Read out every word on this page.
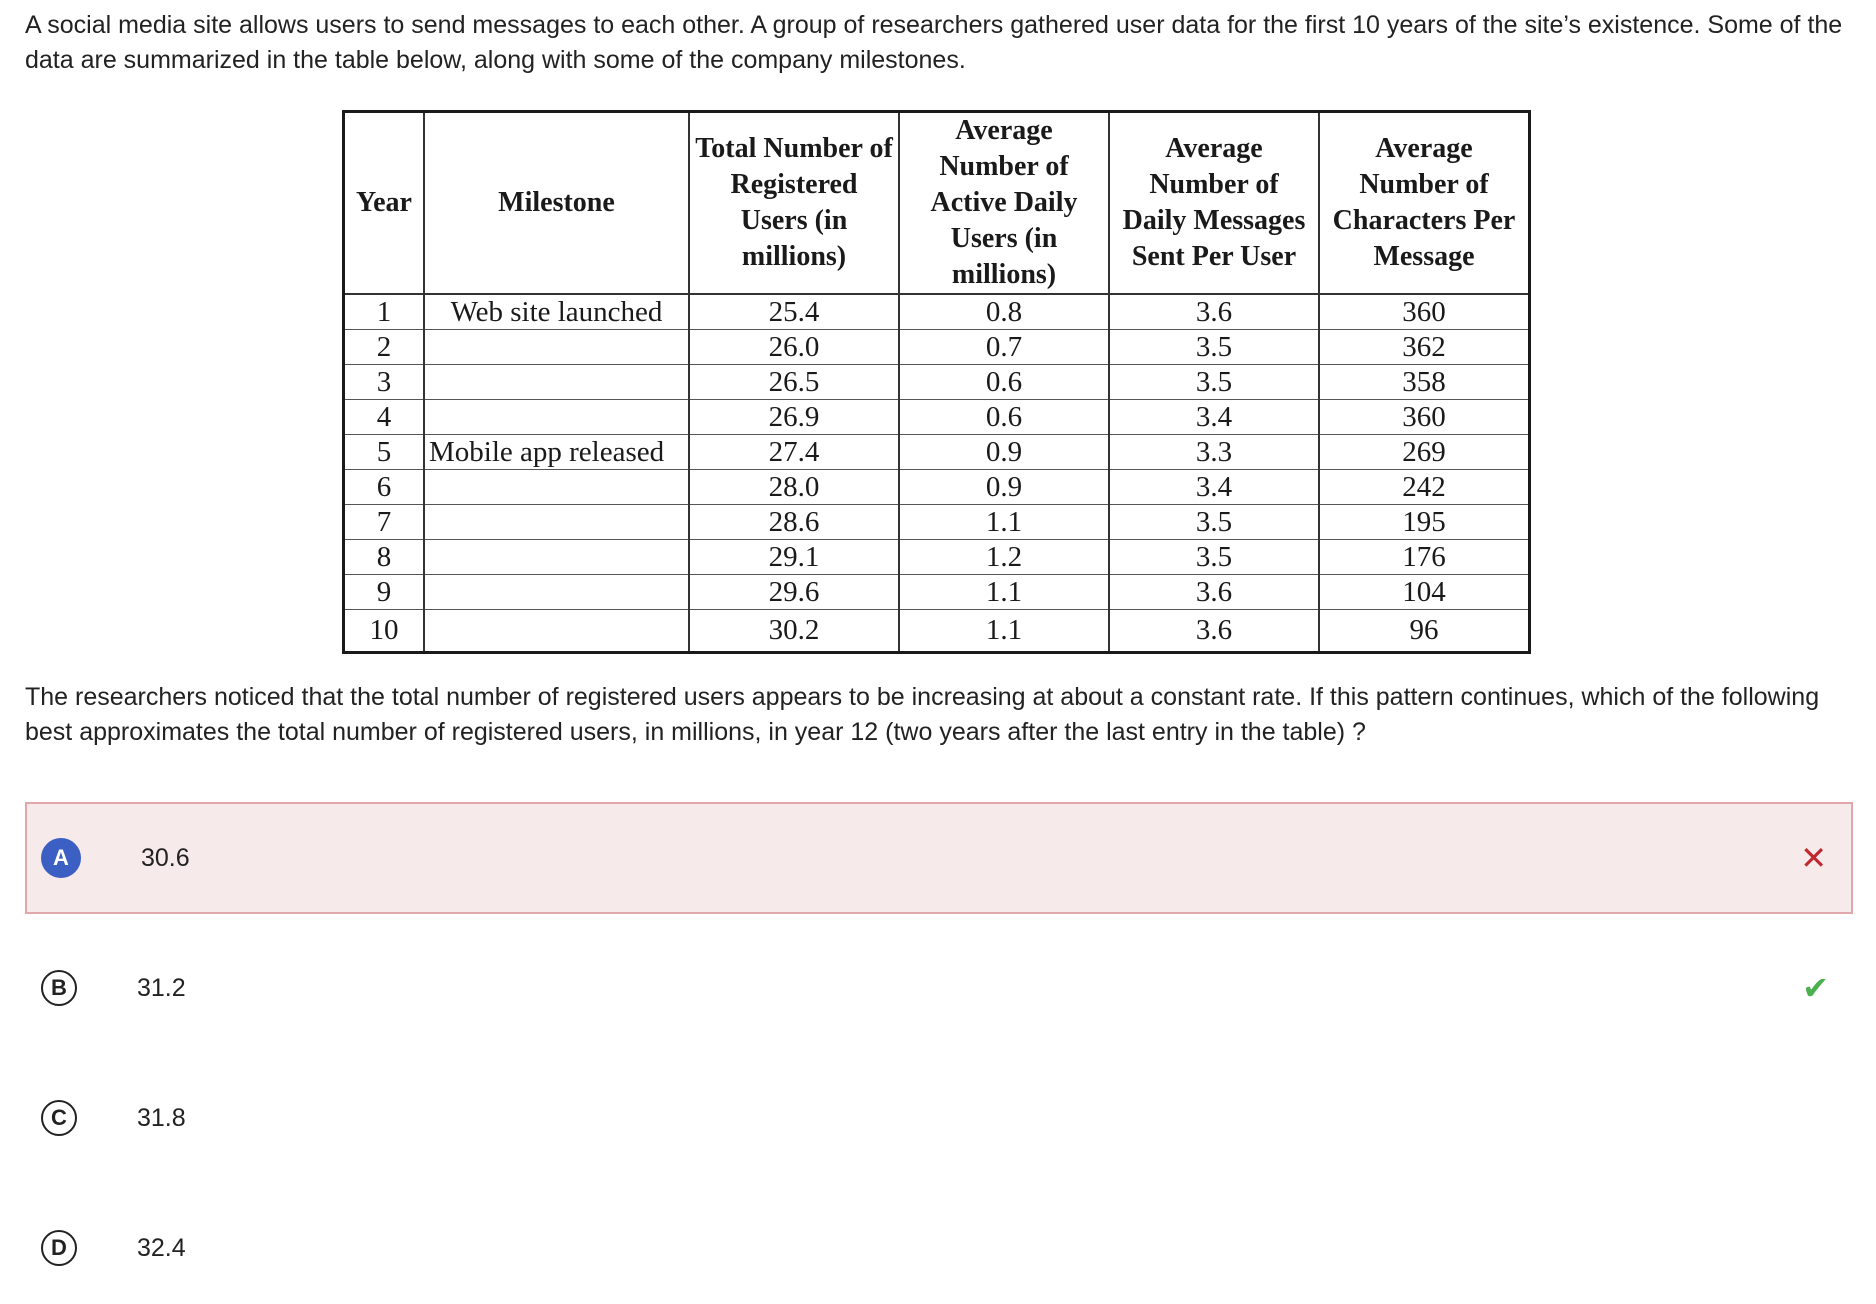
A social media site allows users to send messages to each other. A group of researchers gathered user data for the first 10 years of the site’s existence. Some of the data are summarized in the table below, along with some of the company milestones.

Year	Milestone	Total Number of Registered Users (in millions)	Average Number of Active Daily Users (in millions)	Average Number of Daily Messages Sent Per User	Average Number of Characters Per Message
1	Web site launched	25.4	0.8	3.6	360
2		26.0	0.7	3.5	362
3		26.5	0.6	3.5	358
4		26.9	0.6	3.4	360
5	Mobile app released	27.4	0.9	3.3	269
6		28.0	0.9	3.4	242
7		28.6	1.1	3.5	195
8		29.1	1.2	3.5	176
9		29.6	1.1	3.6	104
10		30.2	1.1	3.6	96

The researchers noticed that the total number of registered users appears to be increasing at about a constant rate. If this pattern continues, which of the following best approximates the total number of registered users, in millions, in year 12 (two years after the last entry in the table) ?

A	30.6	✕
B	31.2	✔
C	31.8
D	32.4
